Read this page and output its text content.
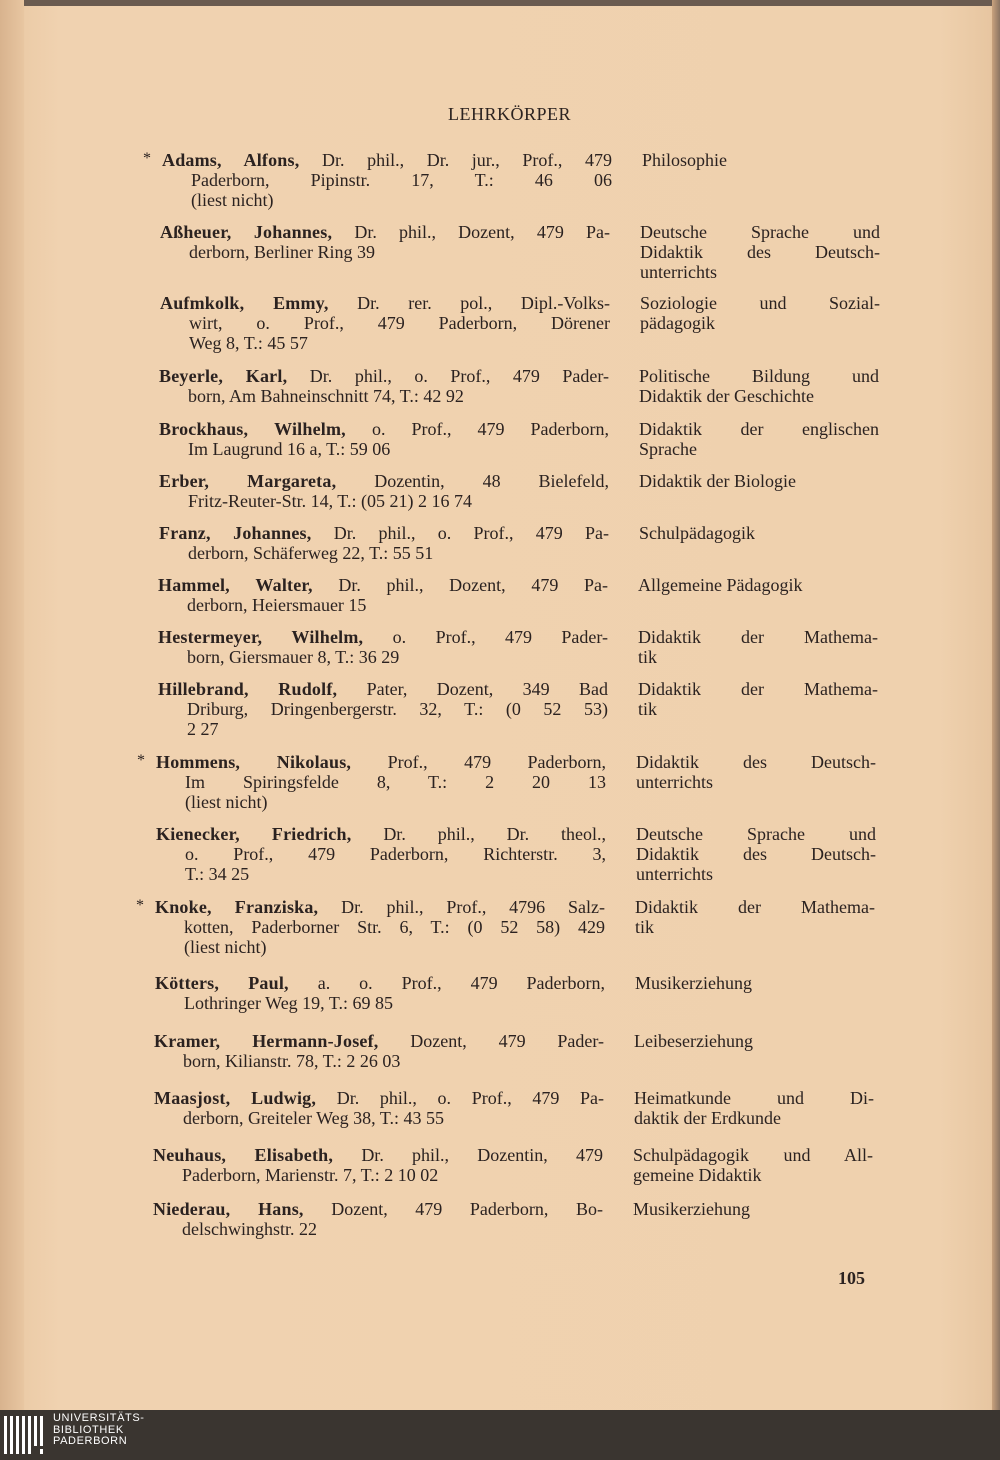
LEHRKÖRPER
* Adams, Alfons, Dr. phil., Dr. jur., Prof., 479
Paderborn, Pipinstr. 17, T.: 46 06
(liest nicht)
Philosophie
Aßheuer, Johannes, Dr. phil., Dozent, 479 Pa-
derborn, Berliner Ring 39
Deutsche Sprache und
Didaktik des Deutsch-
unterrichts
Aufmkolk, Emmy, Dr. rer. pol., Dipl.-Volks-
wirt, o. Prof., 479 Paderborn, Dörener
Weg 8, T.: 45 57
Soziologie und Sozial-
pädagogik
Beyerle, Karl, Dr. phil., o. Prof., 479 Pader-
born, Am Bahneinschnitt 74, T.: 42 92
Politische Bildung und
Didaktik der Geschichte
Brockhaus, Wilhelm, o. Prof., 479 Paderborn,
Im Laugrund 16 a, T.: 59 06
Didaktik der englischen
Sprache
Erber, Margareta, Dozentin, 48 Bielefeld,
Fritz-Reuter-Str. 14, T.: (05 21) 2 16 74
Didaktik der Biologie
Franz, Johannes, Dr. phil., o. Prof., 479 Pa-
derborn, Schäferweg 22, T.: 55 51
Schulpädagogik
Hammel, Walter, Dr. phil., Dozent, 479 Pa-
derborn, Heiersmauer 15
Allgemeine Pädagogik
Hestermeyer, Wilhelm, o. Prof., 479 Pader-
born, Giersmauer 8, T.: 36 29
Didaktik der Mathema-
tik
Hillebrand, Rudolf, Pater, Dozent, 349 Bad
Driburg, Dringenbergerstr. 32, T.: (0 52 53)
2 27
Didaktik der Mathema-
tik
* Hommens, Nikolaus, Prof., 479 Paderborn,
Im Spiringsfelde 8, T.: 2 20 13
(liest nicht)
Didaktik des Deutsch-
unterrichts
Kienecker, Friedrich, Dr. phil., Dr. theol.,
o. Prof., 479 Paderborn, Richterstr. 3,
T.: 34 25
Deutsche Sprache und
Didaktik des Deutsch-
unterrichts
* Knoke, Franziska, Dr. phil., Prof., 4796 Salz-
kotten, Paderborner Str. 6, T.: (0 52 58) 429
(liest nicht)
Didaktik der Mathema-
tik
Kötters, Paul, a. o. Prof., 479 Paderborn,
Lothringer Weg 19, T.: 69 85
Musikerziehung
Kramer, Hermann-Josef, Dozent, 479 Pader-
born, Kilianstr. 78, T.: 2 26 03
Leibeserziehung
Maasjost, Ludwig, Dr. phil., o. Prof., 479 Pa-
derborn, Greiteler Weg 38, T.: 43 55
Heimatkunde und Di-
daktik der Erdkunde
Neuhaus, Elisabeth, Dr. phil., Dozentin, 479
Paderborn, Marienstr. 7, T.: 2 10 02
Schulpädagogik und All-
gemeine Didaktik
Niederau, Hans, Dozent, 479 Paderborn, Bo-
delschwinghstr. 22
Musikerziehung
105
UNIVERSITÄTS-
BIBLIOTHEK
PADERBORN
